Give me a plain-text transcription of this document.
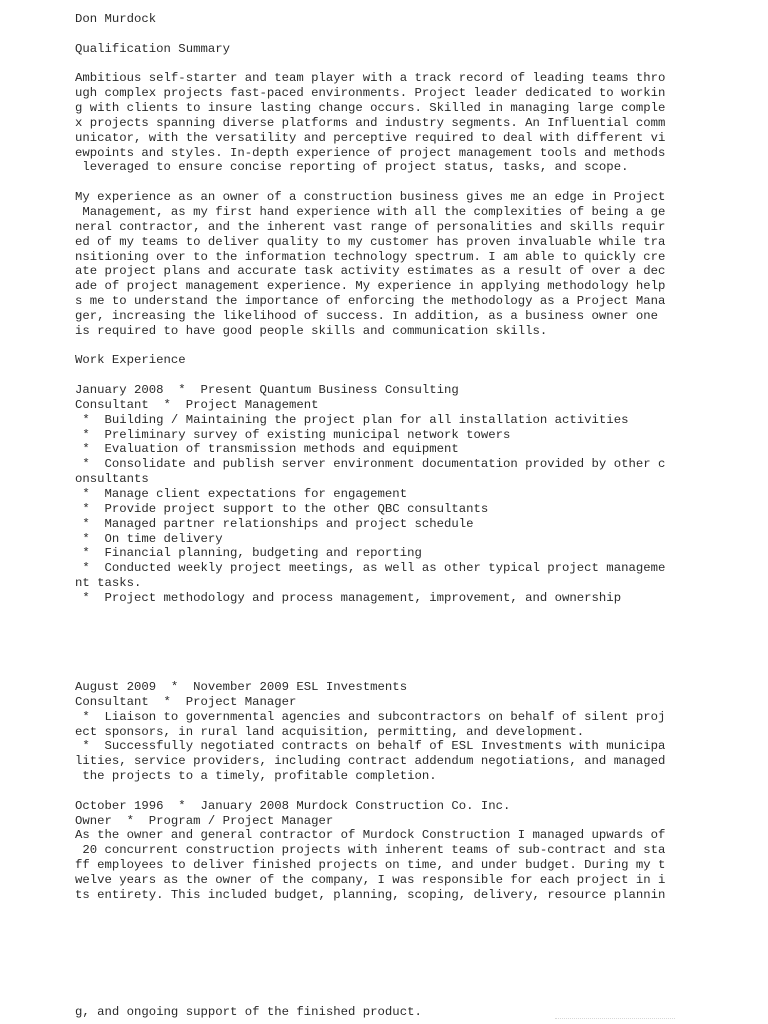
Don Murdock
Qualification Summary
Ambitious self-starter and team player with a track record of leading teams thro
ugh complex projects fast-paced environments. Project leader dedicated to workin
g with clients to insure lasting change occurs. Skilled in managing large comple
x projects spanning diverse platforms and industry segments. An Influential comm
unicator, with the versatility and perceptive required to deal with different vi
ewpoints and styles. In-depth experience of project management tools and methods
leveraged to ensure concise reporting of project status, tasks, and scope.
My experience as an owner of a construction business gives me an edge in Project
Management, as my first hand experience with all the complexities of being a ge
neral contractor, and the inherent vast range of personalities and skills requir
ed of my teams to deliver quality to my customer has proven invaluable while tra
nsitioning over to the information technology spectrum. I am able to quickly cre
ate project plans and accurate task activity estimates as a result of over a dec
ade of project management experience. My experience in applying methodology help
s me to understand the importance of enforcing the methodology as a Project Mana
ger, increasing the likelihood of success. In addition, as a business owner one
is required to have good people skills and communication skills.
Work Experience
January 2008  *  Present Quantum Business Consulting
Consultant  *  Project Management
*  Building / Maintaining the project plan for all installation activities
*  Preliminary survey of existing municipal network towers
*  Evaluation of transmission methods and equipment
*  Consolidate and publish server environment documentation provided by other c
onsultants
*  Manage client expectations for engagement
*  Provide project support to the other QBC consultants
*  Managed partner relationships and project schedule
*  On time delivery
*  Financial planning, budgeting and reporting
*  Conducted weekly project meetings, as well as other typical project manageme
nt tasks.
*  Project methodology and process management, improvement, and ownership
August 2009  *  November 2009 ESL Investments
Consultant  *  Project Manager
*  Liaison to governmental agencies and subcontractors on behalf of silent proj
ect sponsors, in rural land acquisition, permitting, and development.
*  Successfully negotiated contracts on behalf of ESL Investments with municipa
lities, service providers, including contract addendum negotiations, and managed
the projects to a timely, profitable completion.
October 1996  *  January 2008 Murdock Construction Co. Inc.
Owner  *  Program / Project Manager
As the owner and general contractor of Murdock Construction I managed upwards of
20 concurrent construction projects with inherent teams of sub-contract and sta
ff employees to deliver finished projects on time, and under budget. During my t
welve years as the owner of the company, I was responsible for each project in i
ts entirety. This included budget, planning, scoping, delivery, resource plannin
g, and ongoing support of the finished product.
